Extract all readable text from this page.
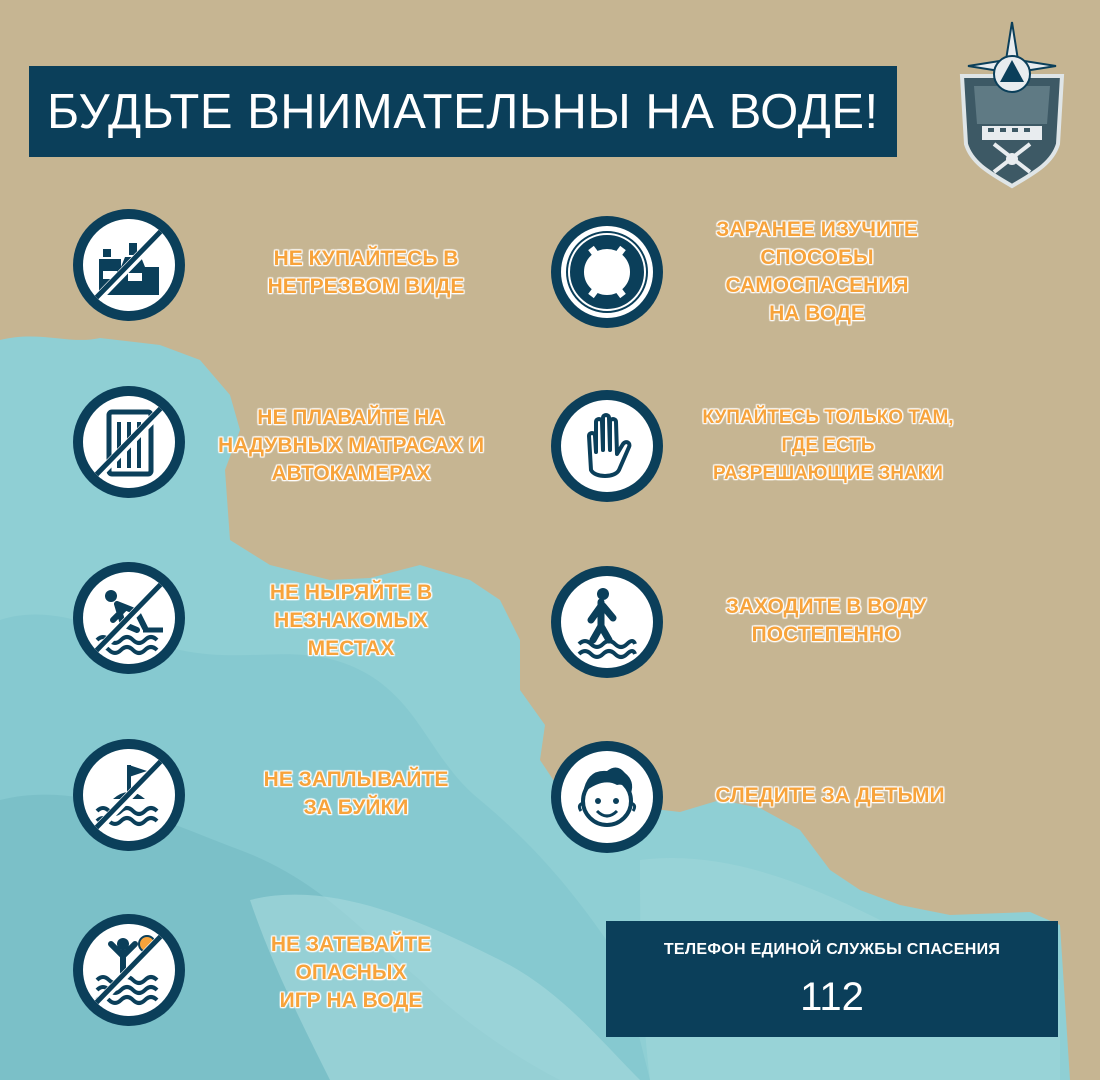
БУДЬТЕ ВНИМАТЕЛЬНЫ НА ВОДЕ!
НЕ КУПАЙТЕСЬ В
НЕТРЕЗВОМ ВИДЕ
ЗАРАНЕЕ ИЗУЧИТЕ
СПОСОБЫ
САМОСПАСЕНИЯ
НА ВОДЕ
НЕ ПЛАВАЙТЕ НА
НАДУВНЫХ МАТРАСАХ И
АВТОКАМЕРАХ
КУПАЙТЕСЬ ТОЛЬКО ТАМ,
ГДЕ ЕСТЬ
РАЗРЕШАЮЩИЕ ЗНАКИ
НЕ НЫРЯЙТЕ В
НЕЗНАКОМЫХ
МЕСТАХ
ЗАХОДИТЕ В ВОДУ
ПОСТЕПЕННО
НЕ ЗАПЛЫВАЙТЕ
ЗА БУЙКИ
СЛЕДИТЕ ЗА ДЕТЬМИ
НЕ ЗАТЕВАЙТЕ
ОПАСНЫХ
ИГР НА ВОДЕ
ТЕЛЕФОН ЕДИНОЙ СЛУЖБЫ СПАСЕНИЯ
112
